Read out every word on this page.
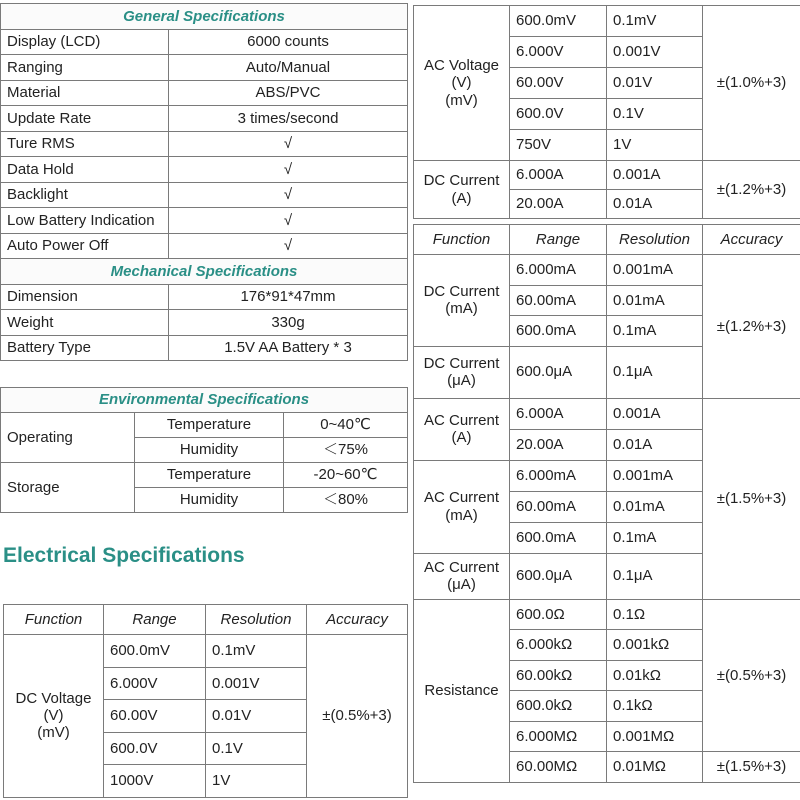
General Specifications	
Display (LCD)	6000 counts
Ranging	Auto/Manual
Material	ABS/PVC
Update Rate	3 times/second
Ture RMS	√
Data Hold	√
Backlight	√
Low Battery Indication	√
Auto Power Off	√
Mechanical Specifications	
Dimension	176*91*47mm
Weight	330g
Battery Type	1.5V AA Battery * 3
Environmental Specifications		
Operating	Temperature	0~40℃
	Humidity	＜75%
Storage	Temperature	-20~60℃
	Humidity	＜80%
Electrical Specifications
Function	Range	Resolution	Accuracy
DC Voltage
(V)
(mV)	600.0mV	0.1mV	±(0.5%+3)
	6.000V	0.001V	
	60.00V	0.01V	
	600.0V	0.1V	
	1000V	1V	
AC Voltage
(V)
(mV)	600.0mV	0.1mV	±(1.0%+3)
	6.000V	0.001V	
	60.00V	0.01V	
	600.0V	0.1V	
	750V	1V	
DC Current
(A)	6.000A	0.001A	±(1.2%+3)
	20.00A	0.01A	
Function	Range	Resolution	Accuracy
DC Current
(mA)	6.000mA	0.001mA	±(1.2%+3)
	60.00mA	0.01mA	
	600.0mA	0.1mA	
DC Current
(μA)	600.0μA	0.1μA	
AC Current
(A)	6.000A	0.001A	±(1.5%+3)
	20.00A	0.01A	
AC Current
(mA)	6.000mA	0.001mA	
	60.00mA	0.01mA	
	600.0mA	0.1mA	
AC Current
(μA)	600.0μA	0.1μA	
Resistance	600.0Ω	0.1Ω	±(0.5%+3)
	6.000kΩ	0.001kΩ	
	60.00kΩ	0.01kΩ	
	600.0kΩ	0.1kΩ	
	6.000MΩ	0.001MΩ	
	60.00MΩ	0.01MΩ	±(1.5%+3)
